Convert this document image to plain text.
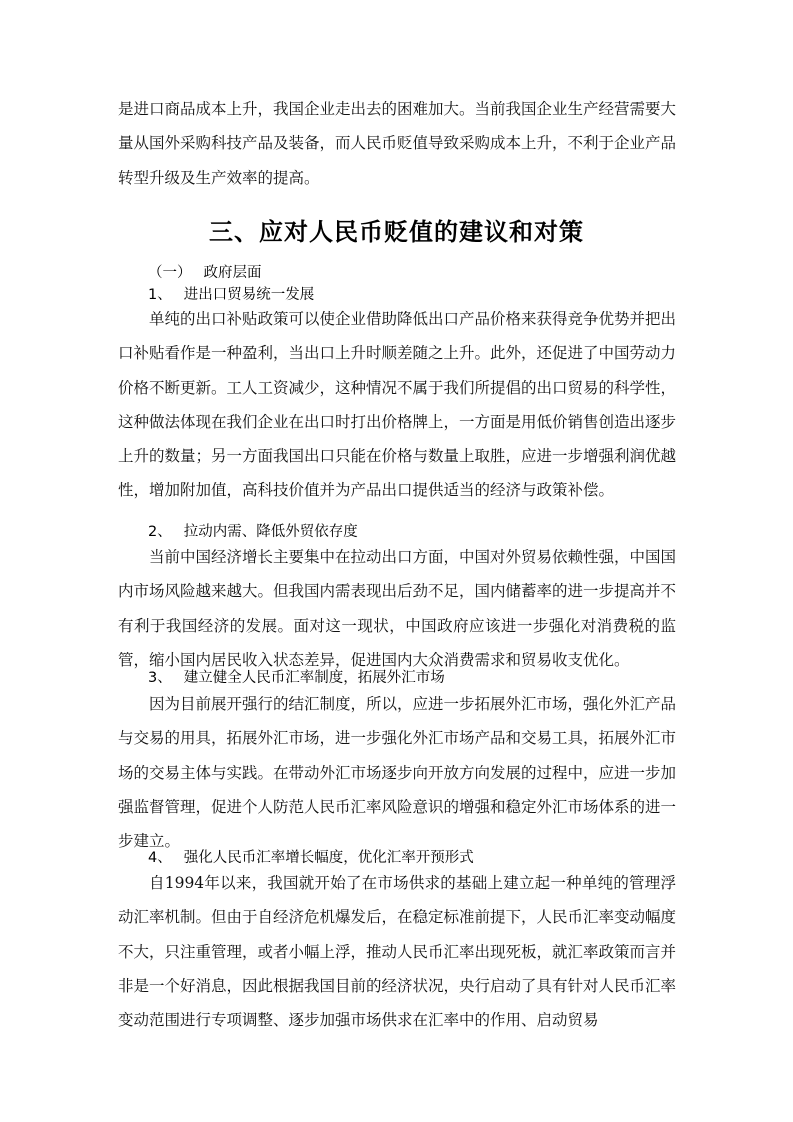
是进口商品成本上升，我国企业走出去的困难加大。当前我国企业生产经营需要大量从国外采购科技产品及装备，而人民币贬值导致采购成本上升，不利于企业产品转型升级及生产效率的提高。

三、应对人民币贬值的建议和对策
（一） 政府层面
1、 进出口贸易统一发展

单纯的出口补贴政策可以使企业借助降低出口产品价格来获得竞争优势并把出口补贴看作是一种盈利，当出口上升时顺差随之上升。此外，还促进了中国劳动力价格不断更新。工人工资减少，这种情况不属于我们所提倡的出口贸易的科学性，这种做法体现在我们企业在出口时打出价格牌上，一方面是用低价销售创造出逐步上升的数量；另一方面我国出口只能在价格与数量上取胜，应进一步增强利润优越性，增加附加值，高科技价值并为产品出口提供适当的经济与政策补偿。

2、 拉动内需、降低外贸依存度

当前中国经济增长主要集中在拉动出口方面，中国对外贸易依赖性强，中国国内市场风险越来越大。但我国内需表现出后劲不足，国内储蓄率的进一步提高并不有利于我国经济的发展。面对这一现状，中国政府应该进一步强化对消费税的监管，缩小国内居民收入状态差异，促进国内大众消费需求和贸易收支优化。

3、 建立健全人民币汇率制度，拓展外汇市场

因为目前展开强行的结汇制度，所以，应进一步拓展外汇市场，强化外汇产品与交易的用具，拓展外汇市场，进一步强化外汇市场产品和交易工具，拓展外汇市场的交易主体与实践。在带动外汇市场逐步向开放方向发展的过程中，应进一步加强监督管理，促进个人防范人民币汇率风险意识的增强和稳定外汇市场体系的进一步建立。

4、 强化人民币汇率增长幅度，优化汇率开预形式

自1994年以来，我国就开始了在市场供求的基础上建立起一种单纯的管理浮动汇率机制。但由于自经济危机爆发后，在稳定标准前提下，人民币汇率变动幅度不大，只注重管理，或者小幅上浮，推动人民币汇率出现死板，就汇率政策而言并非是一个好消息，因此根据我国目前的经济状况，央行启动了具有针对人民币汇率变动范围进行专项调整、逐步加强市场供求在汇率中的作用、启动贸易
